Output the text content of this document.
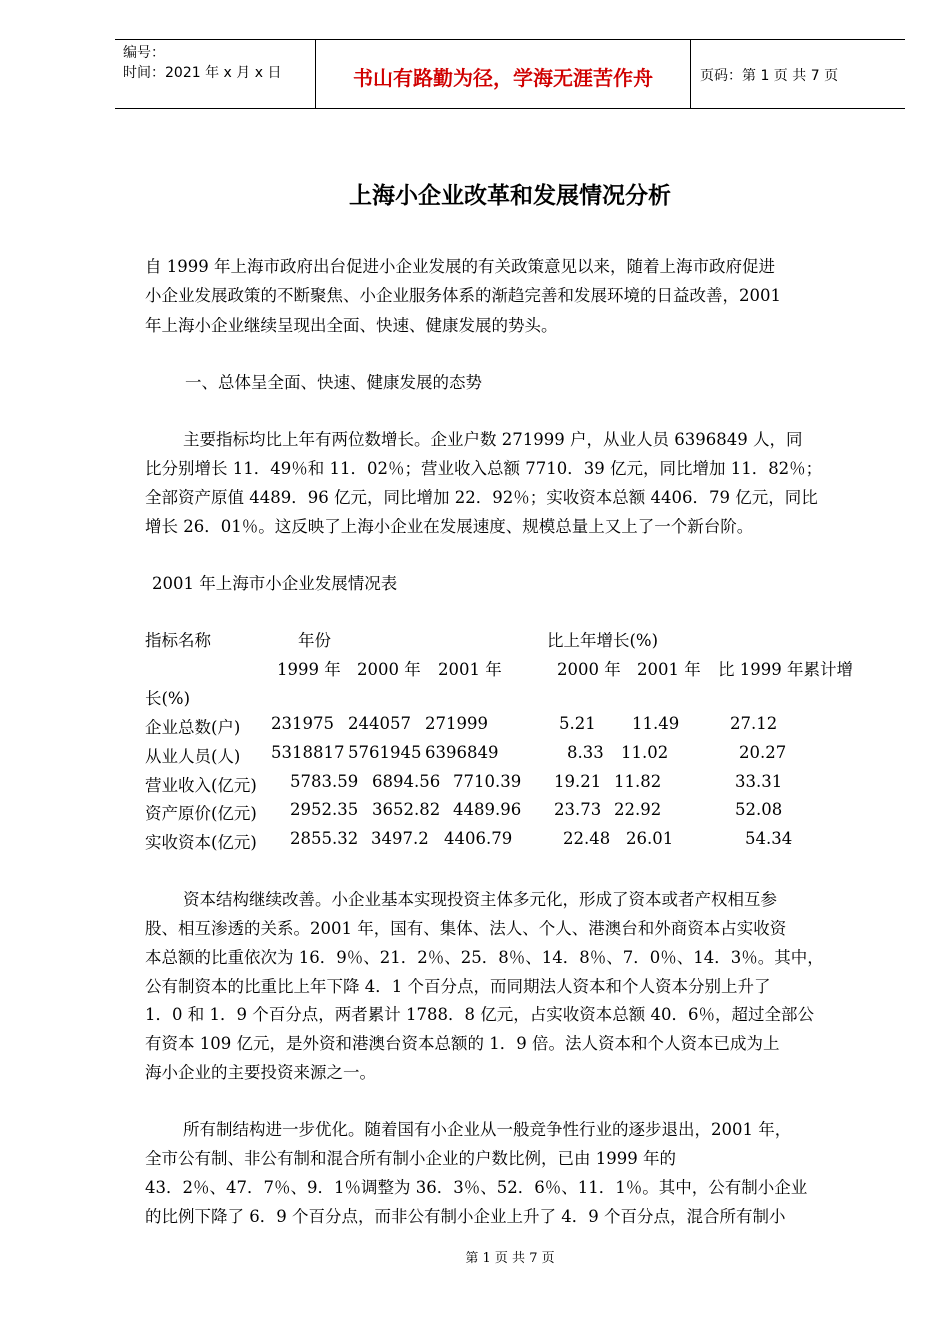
编号：
时间：2021 年 x 月 x 日	书山有路勤为径，学海无涯苦作舟	页码：第 1 页 共 7 页
上海小企业改革和发展情况分析
自 1999 年上海市政府出台促进小企业发展的有关政策意见以来，随着上海市政府促进
小企业发展政策的不断聚焦、小企业服务体系的渐趋完善和发展环境的日益改善，2001
年上海小企业继续呈现出全面、快速、健康发展的势头。
一、总体呈全面、快速、健康发展的态势
主要指标均比上年有两位数增长。企业户数 271999 户，从业人员 6396849 人，同
比分别增长 11．49％和 11．02％；营业收入总额 7710．39 亿元，同比增加 11．82％；
全部资产原值 4489．96 亿元，同比增加 22．92％；实收资本总额 4406．79 亿元，同比
增长 26．01％。这反映了上海小企业在发展速度、规模总量上又上了一个新台阶。
2001 年上海市小企业发展情况表
指标名称	年份	比上年增长(%)
1999 年 2000 年 2001 年	2000 年 2001 年 比 1999 年累计增
长(%)
企业总数(户) 231975 244057 271999	5.21 11.49	27.12
从业人员(人) 5318817 5761945 6396849	8.33 11.02	20.27
营业收入(亿元) 5783.59 6894.56 7710.39 19.21 11.82	33.31
资产原价(亿元) 2952.35 3652.82 4489.96 23.73 22.92	52.08
实收资本(亿元) 2855.32 3497.2 4406.79	22.48 26.01	54.34
资本结构继续改善。小企业基本实现投资主体多元化，形成了资本或者产权相互参
股、相互渗透的关系。2001 年，国有、集体、法人、个人、港澳台和外商资本占实收资
本总额的比重依次为 16．9％、21．2％、25．8％、14．8％、7．0％、14．3％。其中，
公有制资本的比重比上年下降 4．1 个百分点，而同期法人资本和个人资本分别上升了
1．0 和 1．9 个百分点，两者累计 1788．8 亿元，占实收资本总额 40．6％，超过全部公
有资本 109 亿元，是外资和港澳台资本总额的 1．9 倍。法人资本和个人资本已成为上
海小企业的主要投资来源之一。
所有制结构进一步优化。随着国有小企业从一般竞争性行业的逐步退出，2001 年，
全市公有制、非公有制和混合所有制小企业的户数比例，已由 1999 年的
43．2％、47．7％、9．1％调整为 36．3％、52．6％、11．1％。其中，公有制小企业
的比例下降了 6．9 个百分点，而非公有制小企业上升了 4．9 个百分点，混合所有制小
第 1 页 共 7 页
